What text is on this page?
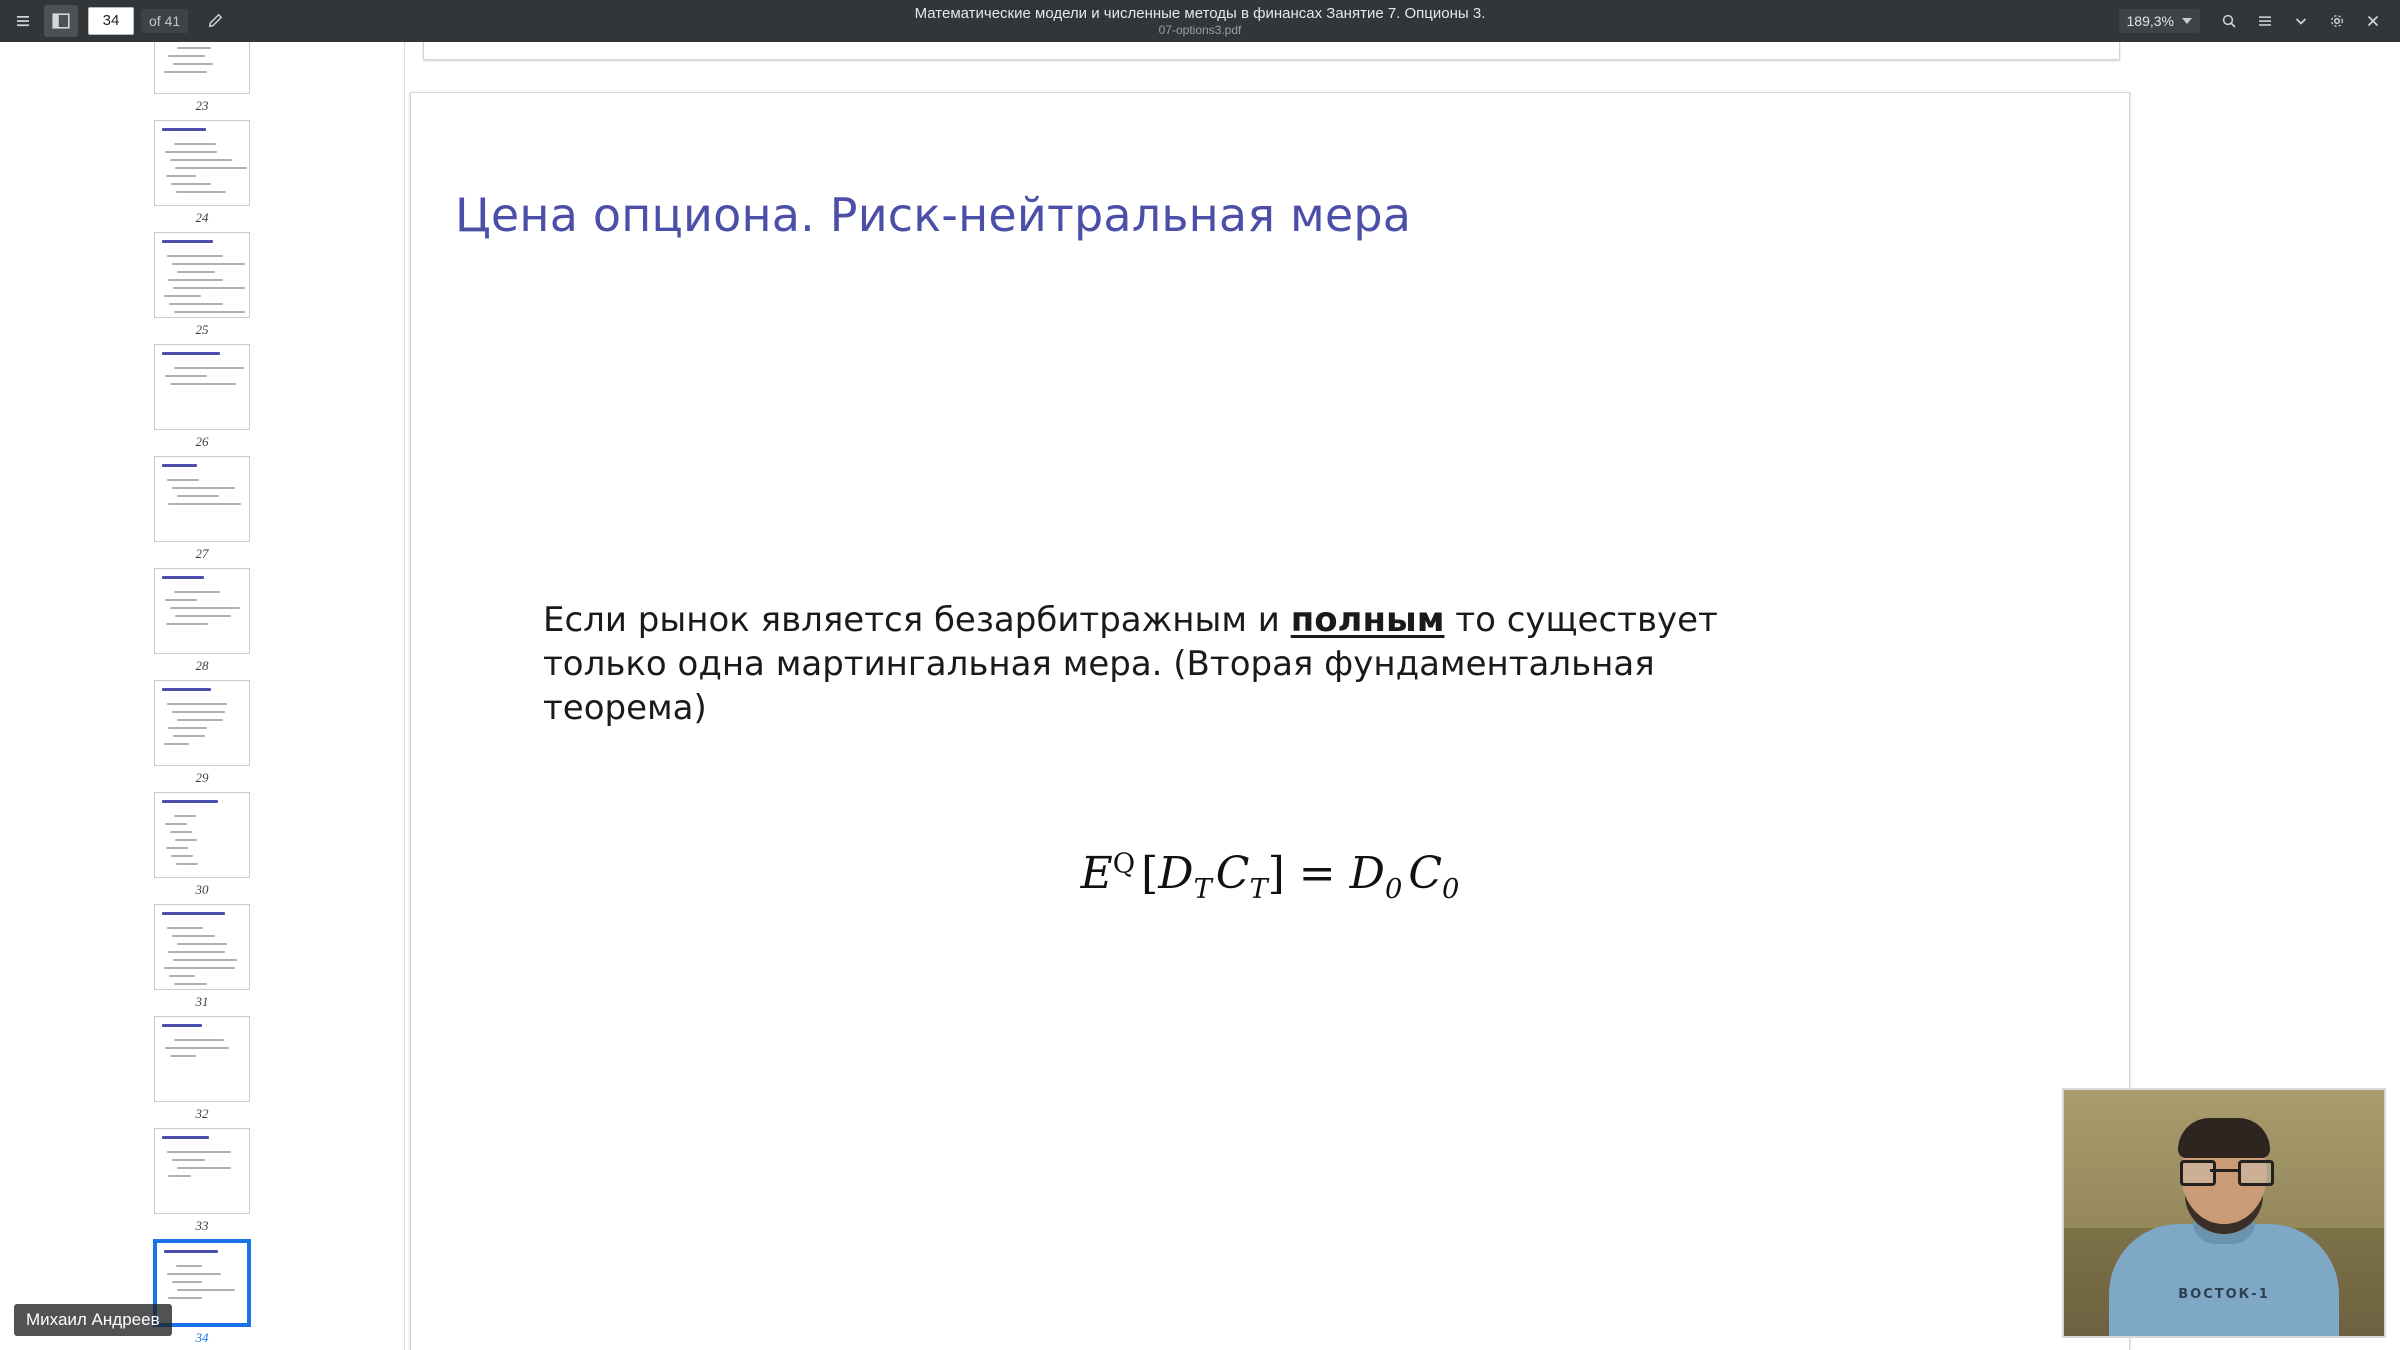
34	of 41	Математические модели и численные методы в финансах Занятие 7. Опционы 3.
07-options3.pdf
189,3%
23
24
25
26
27
28
29
30
31
32
33
34
Цена опциона. Риск-нейтральная мера
Если рынок является безарбитражным и полным то существует только одна мартингальная мера. (Вторая фундаментальная теорема)
$E^Q$ $[D_TC_T] = D_0$ $C_0$
ВОСТОК-1
Михаил Андреев
